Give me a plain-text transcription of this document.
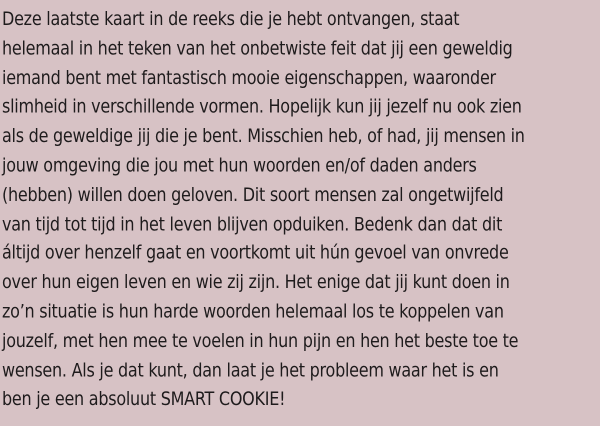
Deze laatste kaart in de reeks die je hebt ontvangen, staat

helemaal in het teken van het onbetwiste feit dat jij een geweldig

iemand bent met fantastisch mooie eigenschappen, waaronder

slimheid in verschillende vormen. Hopelijk kun jij jezelf nu ook zien

als de geweldige jij die je bent. Misschien heb, of had, jij mensen in

jouw omgeving die jou met hun woorden en/of daden anders

(hebben) willen doen geloven. Dit soort mensen zal ongetwijfeld

van tijd tot tijd in het leven blijven opduiken. Bedenk dan dat dit

áltijd over henzelf gaat en voortkomt uit hún gevoel van onvrede

over hun eigen leven en wie zij zijn. Het enige dat jij kunt doen in

zo’n situatie is hun harde woorden helemaal los te koppelen van

jouzelf, met hen mee te voelen in hun pijn en hen het beste toe te

wensen. Als je dat kunt, dan laat je het probleem waar het is en

ben je een absoluut SMART COOKIE!
